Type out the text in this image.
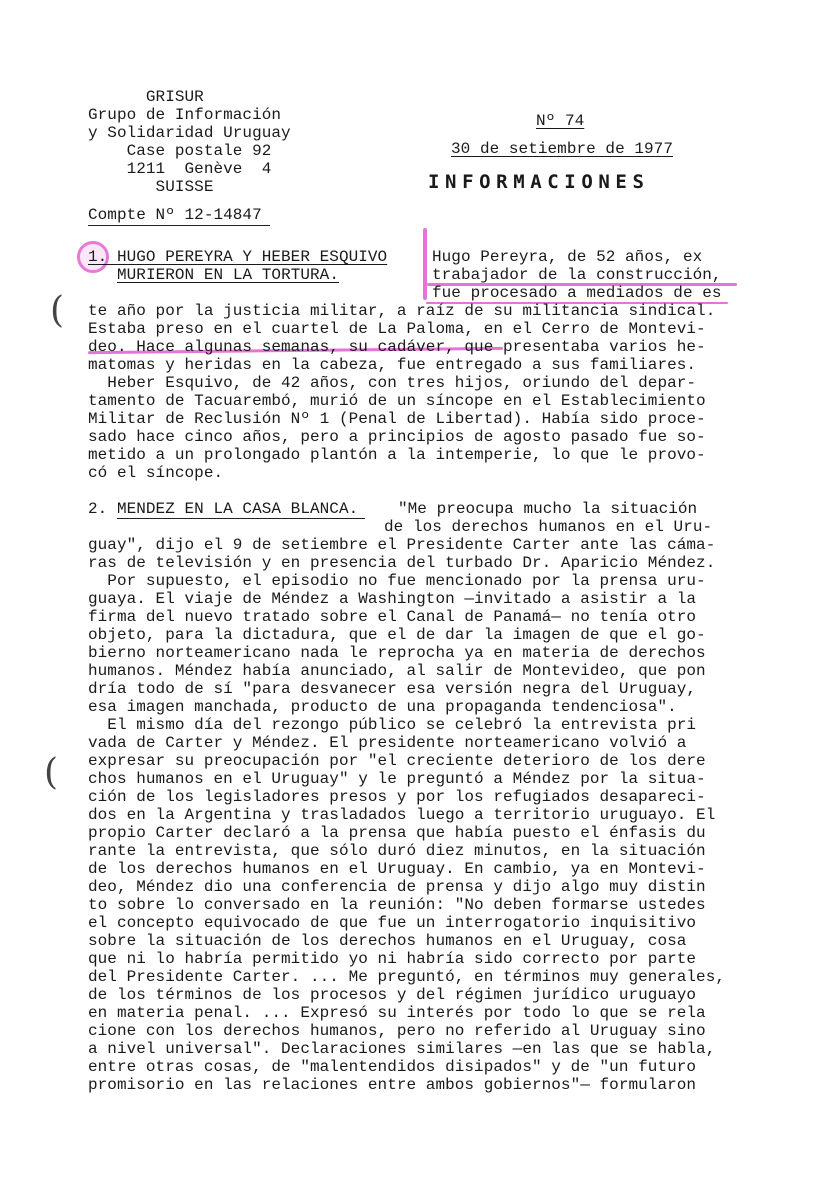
GRISUR
Grupo de Información
y Solidaridad Uruguay
Case postale 92
1211  Genève  4
SUISSE
Compte Nº 12-14847
Nº 74
30 de setiembre de 1977
INFORMACIONES
(
(
1. HUGO PEREYRA Y HEBER ESQUIVO
MURIERON EN LA TORTURA.
Hugo Pereyra, de 52 años, ex
trabajador de la construcción,
fue procesado a mediados de es
te año por la justicia militar, a raíz de su militancia sindical.
Estaba preso en el cuartel de La Paloma, en el Cerro de Montevi-
deo. Hace algunas semanas, su cadáver, que presentaba varios he-
matomas y heridas en la cabeza, fue entregado a sus familiares.
Heber Esquivo, de 42 años, con tres hijos, oriundo del depar-
tamento de Tacuarembó, murió de un síncope en el Establecimiento
Militar de Reclusión Nº 1 (Penal de Libertad). Había sido proce-
sado hace cinco años, pero a principios de agosto pasado fue so-
metido a un prolongado plantón a la intemperie, lo que le provo-
có el síncope.
2. MENDEZ EN LA CASA BLANCA. "Me preocupa mucho la situación
de los derechos humanos en el Uru-
guay", dijo el 9 de setiembre el Presidente Carter ante las cáma-
ras de televisión y en presencia del turbado Dr. Aparicio Méndez.
Por supuesto, el episodio no fue mencionado por la prensa uru-
guaya. El viaje de Méndez a Washington —invitado a asistir a la
firma del nuevo tratado sobre el Canal de Panamá— no tenía otro
objeto, para la dictadura, que el de dar la imagen de que el go-
bierno norteamericano nada le reprocha ya en materia de derechos
humanos. Méndez había anunciado, al salir de Montevideo, que pon
dría todo de sí "para desvanecer esa versión negra del Uruguay,
esa imagen manchada, producto de una propaganda tendenciosa".
El mismo día del rezongo público se celebró la entrevista pri
vada de Carter y Méndez. El presidente norteamericano volvió a
expresar su preocupación por "el creciente deterioro de los dere
chos humanos en el Uruguay" y le preguntó a Méndez por la situa-
ción de los legisladores presos y por los refugiados desapareci-
dos en la Argentina y trasladados luego a territorio uruguayo. El
propio Carter declaró a la prensa que había puesto el énfasis du
rante la entrevista, que sólo duró diez minutos, en la situación
de los derechos humanos en el Uruguay. En cambio, ya en Montevi-
deo, Méndez dio una conferencia de prensa y dijo algo muy distin
to sobre lo conversado en la reunión: "No deben formarse ustedes
el concepto equivocado de que fue un interrogatorio inquisitivo
sobre la situación de los derechos humanos en el Uruguay, cosa
que ni lo habría permitido yo ni habría sido correcto por parte
del Presidente Carter. ... Me preguntó, en términos muy generales,
de los términos de los procesos y del régimen jurídico uruguayo
en materia penal. ... Expresó su interés por todo lo que se rela
cione con los derechos humanos, pero no referido al Uruguay sino
a nivel universal". Declaraciones similares —en las que se habla,
entre otras cosas, de "malentendidos disipados" y de "un futuro
promisorio en las relaciones entre ambos gobiernos"— formularon
